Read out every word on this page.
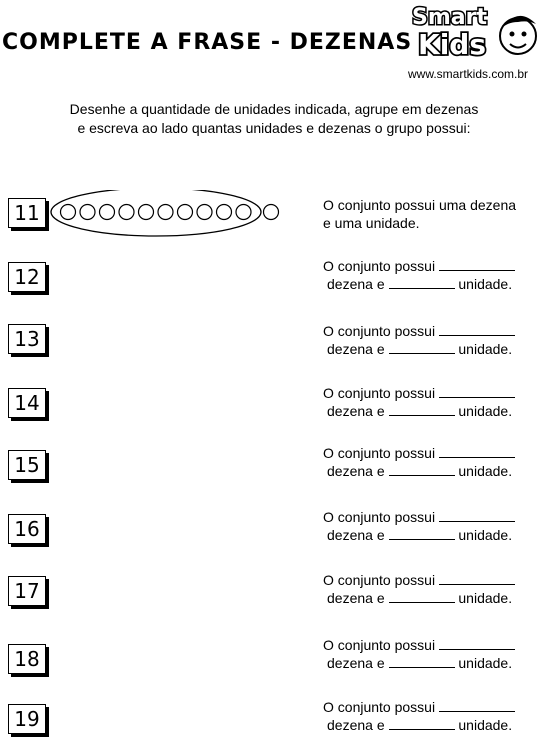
COMPLETE A FRASE - DEZENAS
Smart
Kids
www.smartkids.com.br
Desenhe a quantidade de unidades indicada, agrupe em dezenas
e escreva ao lado quantas unidades e dezenas o grupo possui:
11	O conjunto possui uma dezena
e uma unidade.
12	O conjunto possui
dezena e	unidade.
13	O conjunto possui
dezena e	unidade.
14	O conjunto possui
dezena e	unidade.
15	O conjunto possui
dezena e	unidade.
16	O conjunto possui
dezena e	unidade.
17	O conjunto possui
dezena e	unidade.
18
O conjunto possui
dezena e	unidade.
19	O conjunto possui
dezena e	unidade.
